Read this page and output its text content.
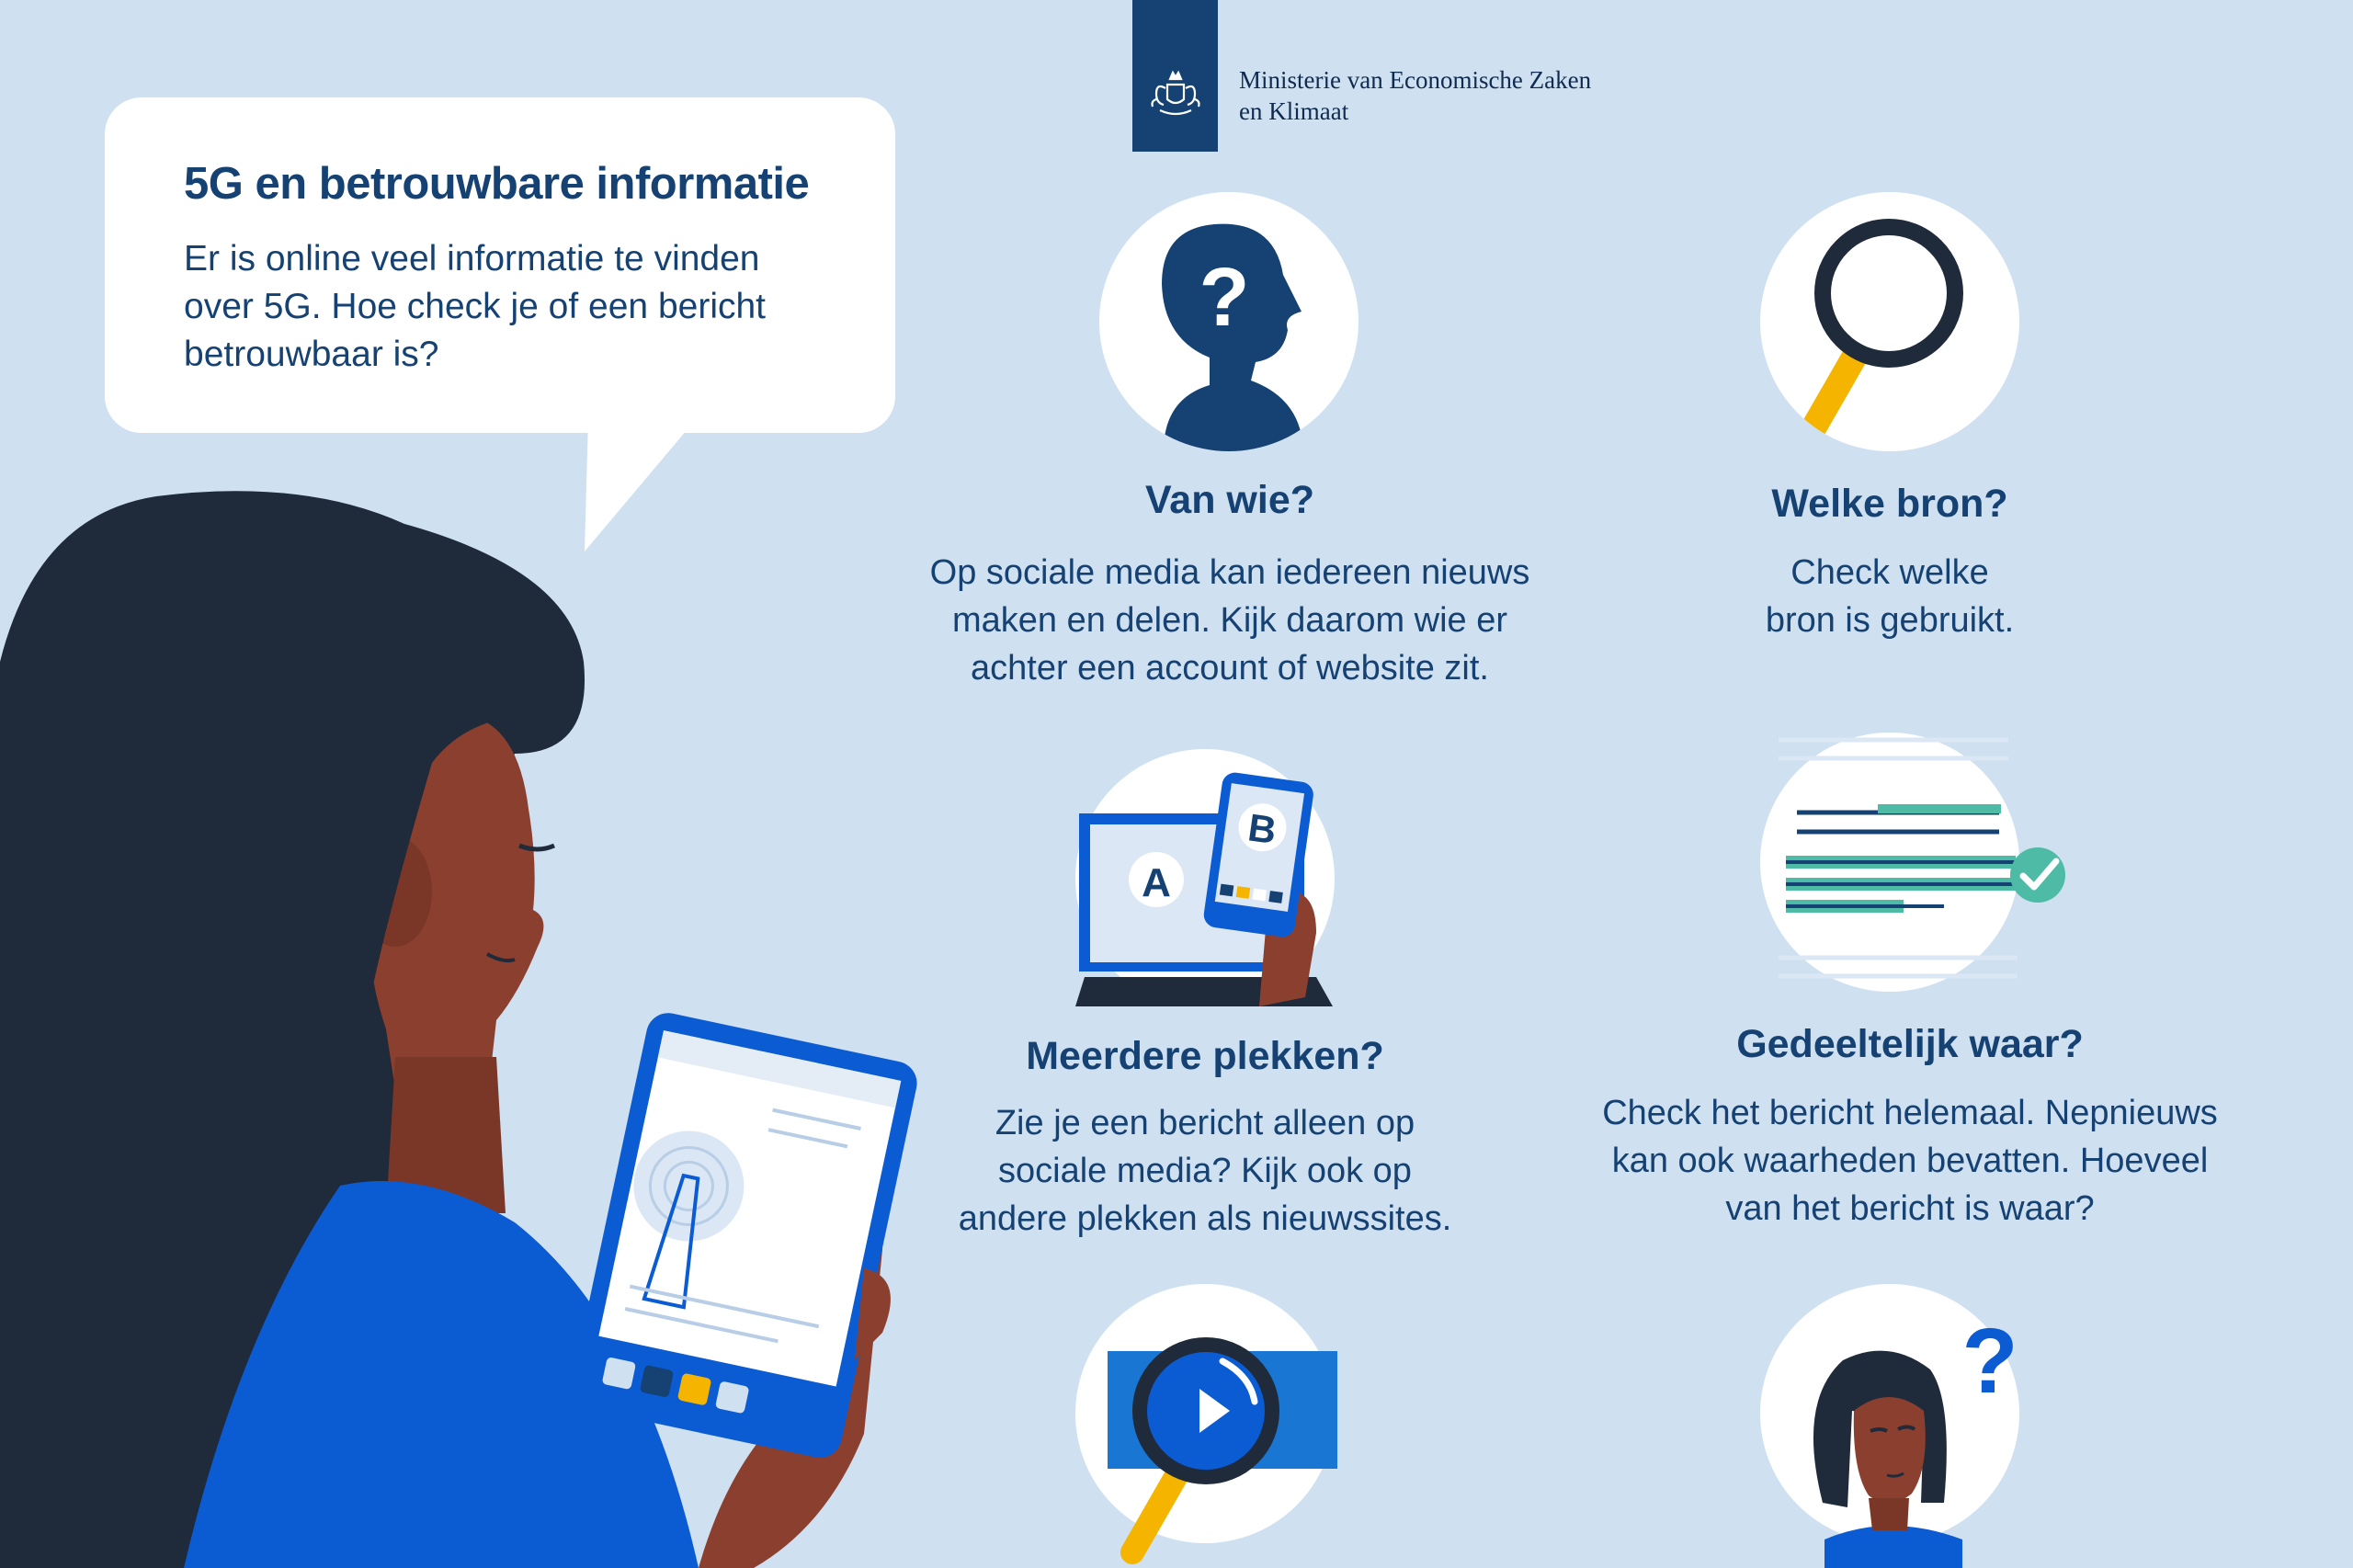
Ministerie van Economische Zaken
en Klimaat
5G en betrouwbare informatie
Er is online veel informatie te vinden
over 5G. Hoe check je of een bericht
betrouwbaar is?
?
Van wie?
Op sociale media kan iedereen nieuws
maken en delen. Kijk daarom wie er
achter een account of website zit.
Welke bron?
Check welke
bron is gebruikt.
A
B
Meerdere plekken?
Zie je een bericht alleen op
sociale media? Kijk ook op
andere plekken als nieuwssites.
Gedeeltelijk waar?
Check het bericht helemaal. Nepnieuws
kan ook waarheden bevatten. Hoeveel
van het bericht is waar?
?
